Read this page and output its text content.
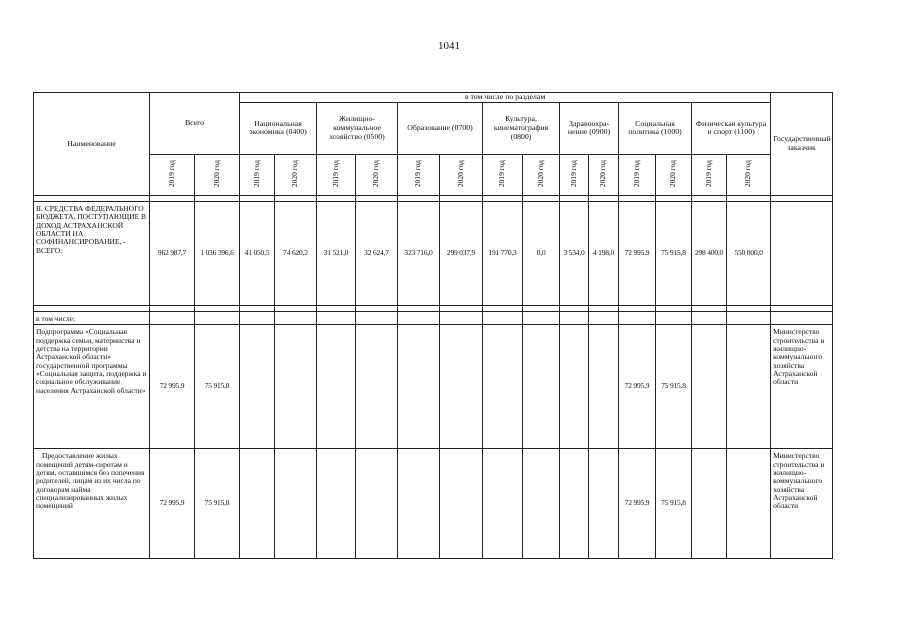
1041
Наименование	Всего		в том числе по разделам														Государственный заказчик
			Национальная экономика (0400)		Жилищно-коммунальное хозяйство (0500)		Образование (0700)		Культура, кинематография (0800)		Здравоохра-нение (0900)		Социальная политика (1000)		Физическая культура и спорт (1100)		
	2019 год	2020 год	2019 год	2020 год	2019 год	2020 год	2019 год	2020 год	2019 год	2020 год	2019 год	2020 год	2019 год	2020 год	2019 год	2020 год	

II. СРЕДСТВА ФЕДЕРАЛЬНОГО БЮДЖЕТА, ПОСТУПАЮЩИЕ В ДОХОД АСТРАХАНСКОЙ ОБЛАСТИ НА СОФИНАНСИРОВАНИЕ, - ВСЕГО:	962 987,7	1 036 396,6	41 050,5	74 620,2	31 521,0	32 624,7	323 716,0	299 037,9	191 770,3	0,0	3 534,0	4 198,0	72 995,9	75 915,8	298 400,0	550 000,0	

в том числе:																	
Подпрограмма «Социальная поддержка семьи, материнства и детства на территории Астраханской области» государственной программы «Социальная защита, поддержка и социальное обслуживание населения Астраханской области»	72 995,9	75 915,8											72 995,9	75 915,8			Министерство строительства и жилищно-коммунального хозяйства Астраханской области
Предоставление жилых помещений детям-сиротам и детям, оставшимся без попечения родителей, лицам из их числа по договорам найма специализированных жилых помещений	72 995,9	75 915,8											72 995,9	75 915,8			Министерство строительства и жилищно-коммунального хозяйства Астраханской области
